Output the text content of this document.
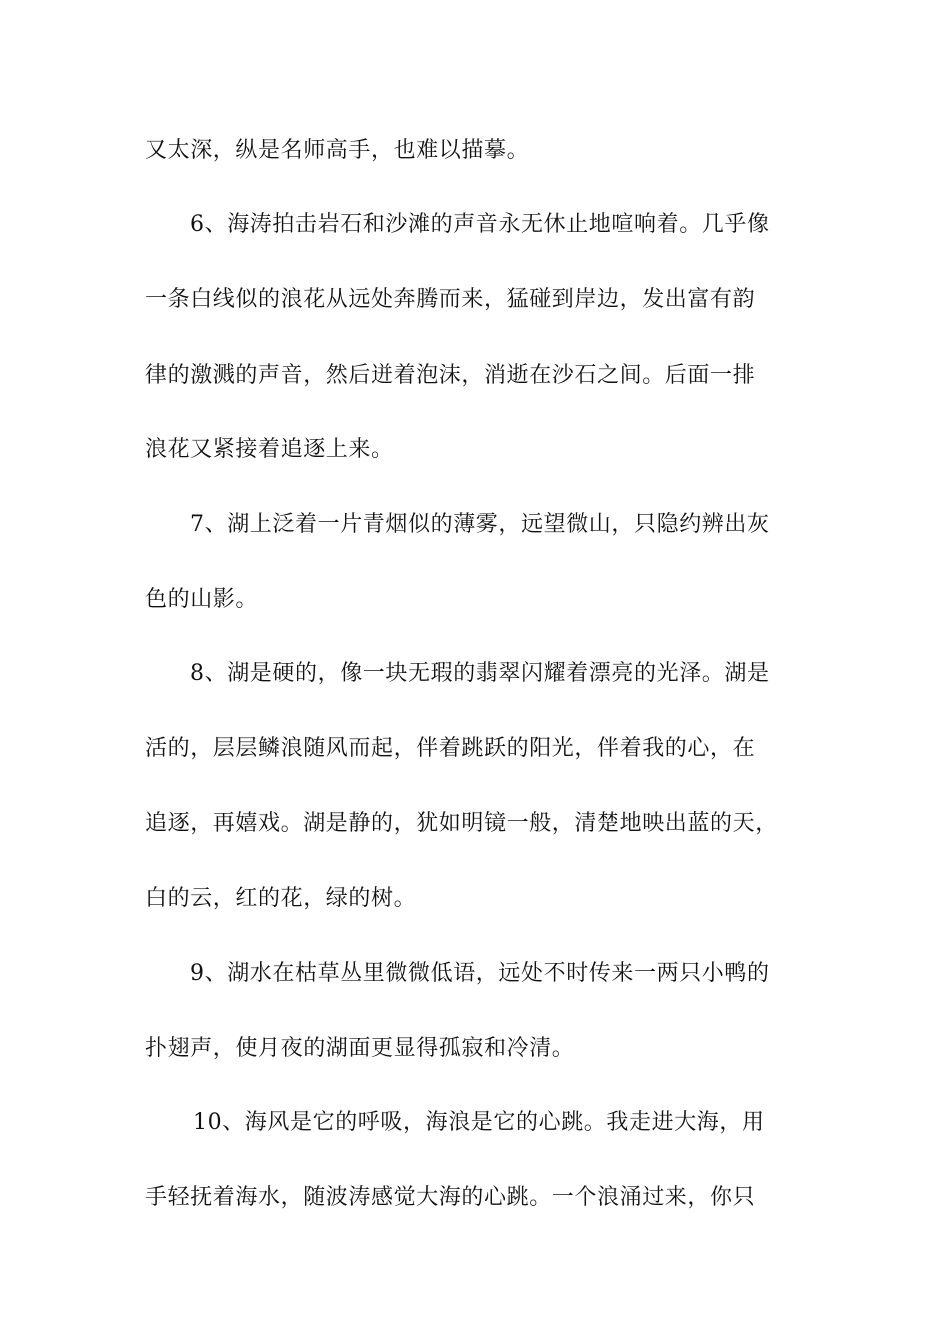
又太深，纵是名师高手，也难以描摹。
6、海涛拍击岩石和沙滩的声音永无休止地喧响着。几乎像
一条白线似的浪花从远处奔腾而来，猛碰到岸边，发出富有韵
律的激溅的声音，然后迸着泡沫，消逝在沙石之间。后面一排
浪花又紧接着追逐上来。
7、湖上泛着一片青烟似的薄雾，远望微山，只隐约辨出灰
色的山影。
8、湖是硬的，像一块无瑕的翡翠闪耀着漂亮的光泽。湖是
活的，层层鳞浪随风而起，伴着跳跃的阳光，伴着我的心，在
追逐，再嬉戏。湖是静的，犹如明镜一般，清楚地映出蓝的天，
白的云，红的花，绿的树。
9、湖水在枯草丛里微微低语，远处不时传来一两只小鸭的
扑翅声，使月夜的湖面更显得孤寂和冷清。
10、海风是它的呼吸，海浪是它的心跳。我走进大海，用
手轻抚着海水，随波涛感觉大海的心跳。一个浪涌过来，你只
